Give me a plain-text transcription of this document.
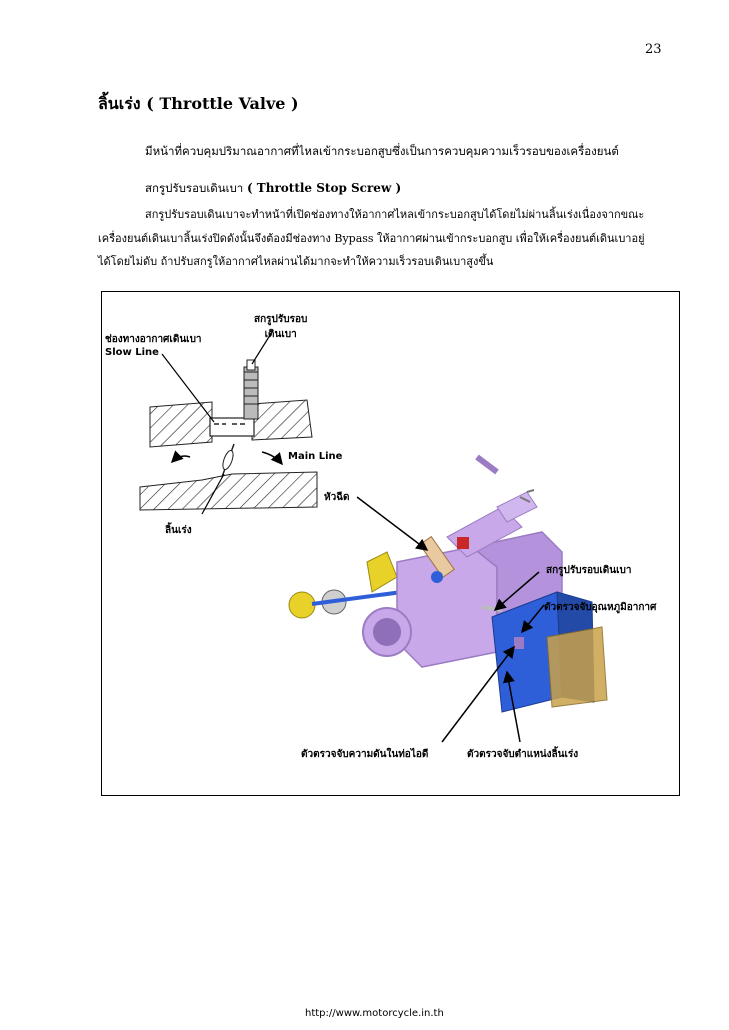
23
ลิ้นเร่ง ( Throttle Valve )
มีหน้าที่ควบคุมปริมาณอากาศที่ไหลเข้ากระบอกสูบซึ่งเป็นการควบคุมความเร็วรอบของเครื่องยนต์
สกรูปรับรอบเดินเบา ( Throttle Stop Screw )
สกรูปรับรอบเดินเบาจะทำหน้าที่เปิดช่องทางให้อากาศไหลเข้ากระบอกสูบได้โดยไม่ผ่านลิ้นเร่งเนื่องจากขณะ
เครื่องยนต์เดินเบาลิ้นเร่งปิดดังนั้นจึงต้องมีช่องทาง Bypass ให้อากาศผ่านเข้ากระบอกสูบ เพื่อให้เครื่องยนต์เดินเบาอยู่
ได้โดยไม่ดับ ถ้าปรับสกรูให้อากาศไหลผ่านได้มากจะทำให้ความเร็วรอบเดินเบาสูงขึ้น
สกรูปรับรอบ
เดินเบา
ช่องทางอากาศเดินเบา
Slow Line
Main Line
หัวฉีด
ลิ้นเร่ง
สกรูปรับรอบเดินเบา
ตัวตรวจจับอุณหภูมิอากาศ
ตัวตรวจจับความดันในท่อไอดี	ตัวตรวจจับตำแหน่งลิ้นเร่ง
http://www.motorcycle.in.th
